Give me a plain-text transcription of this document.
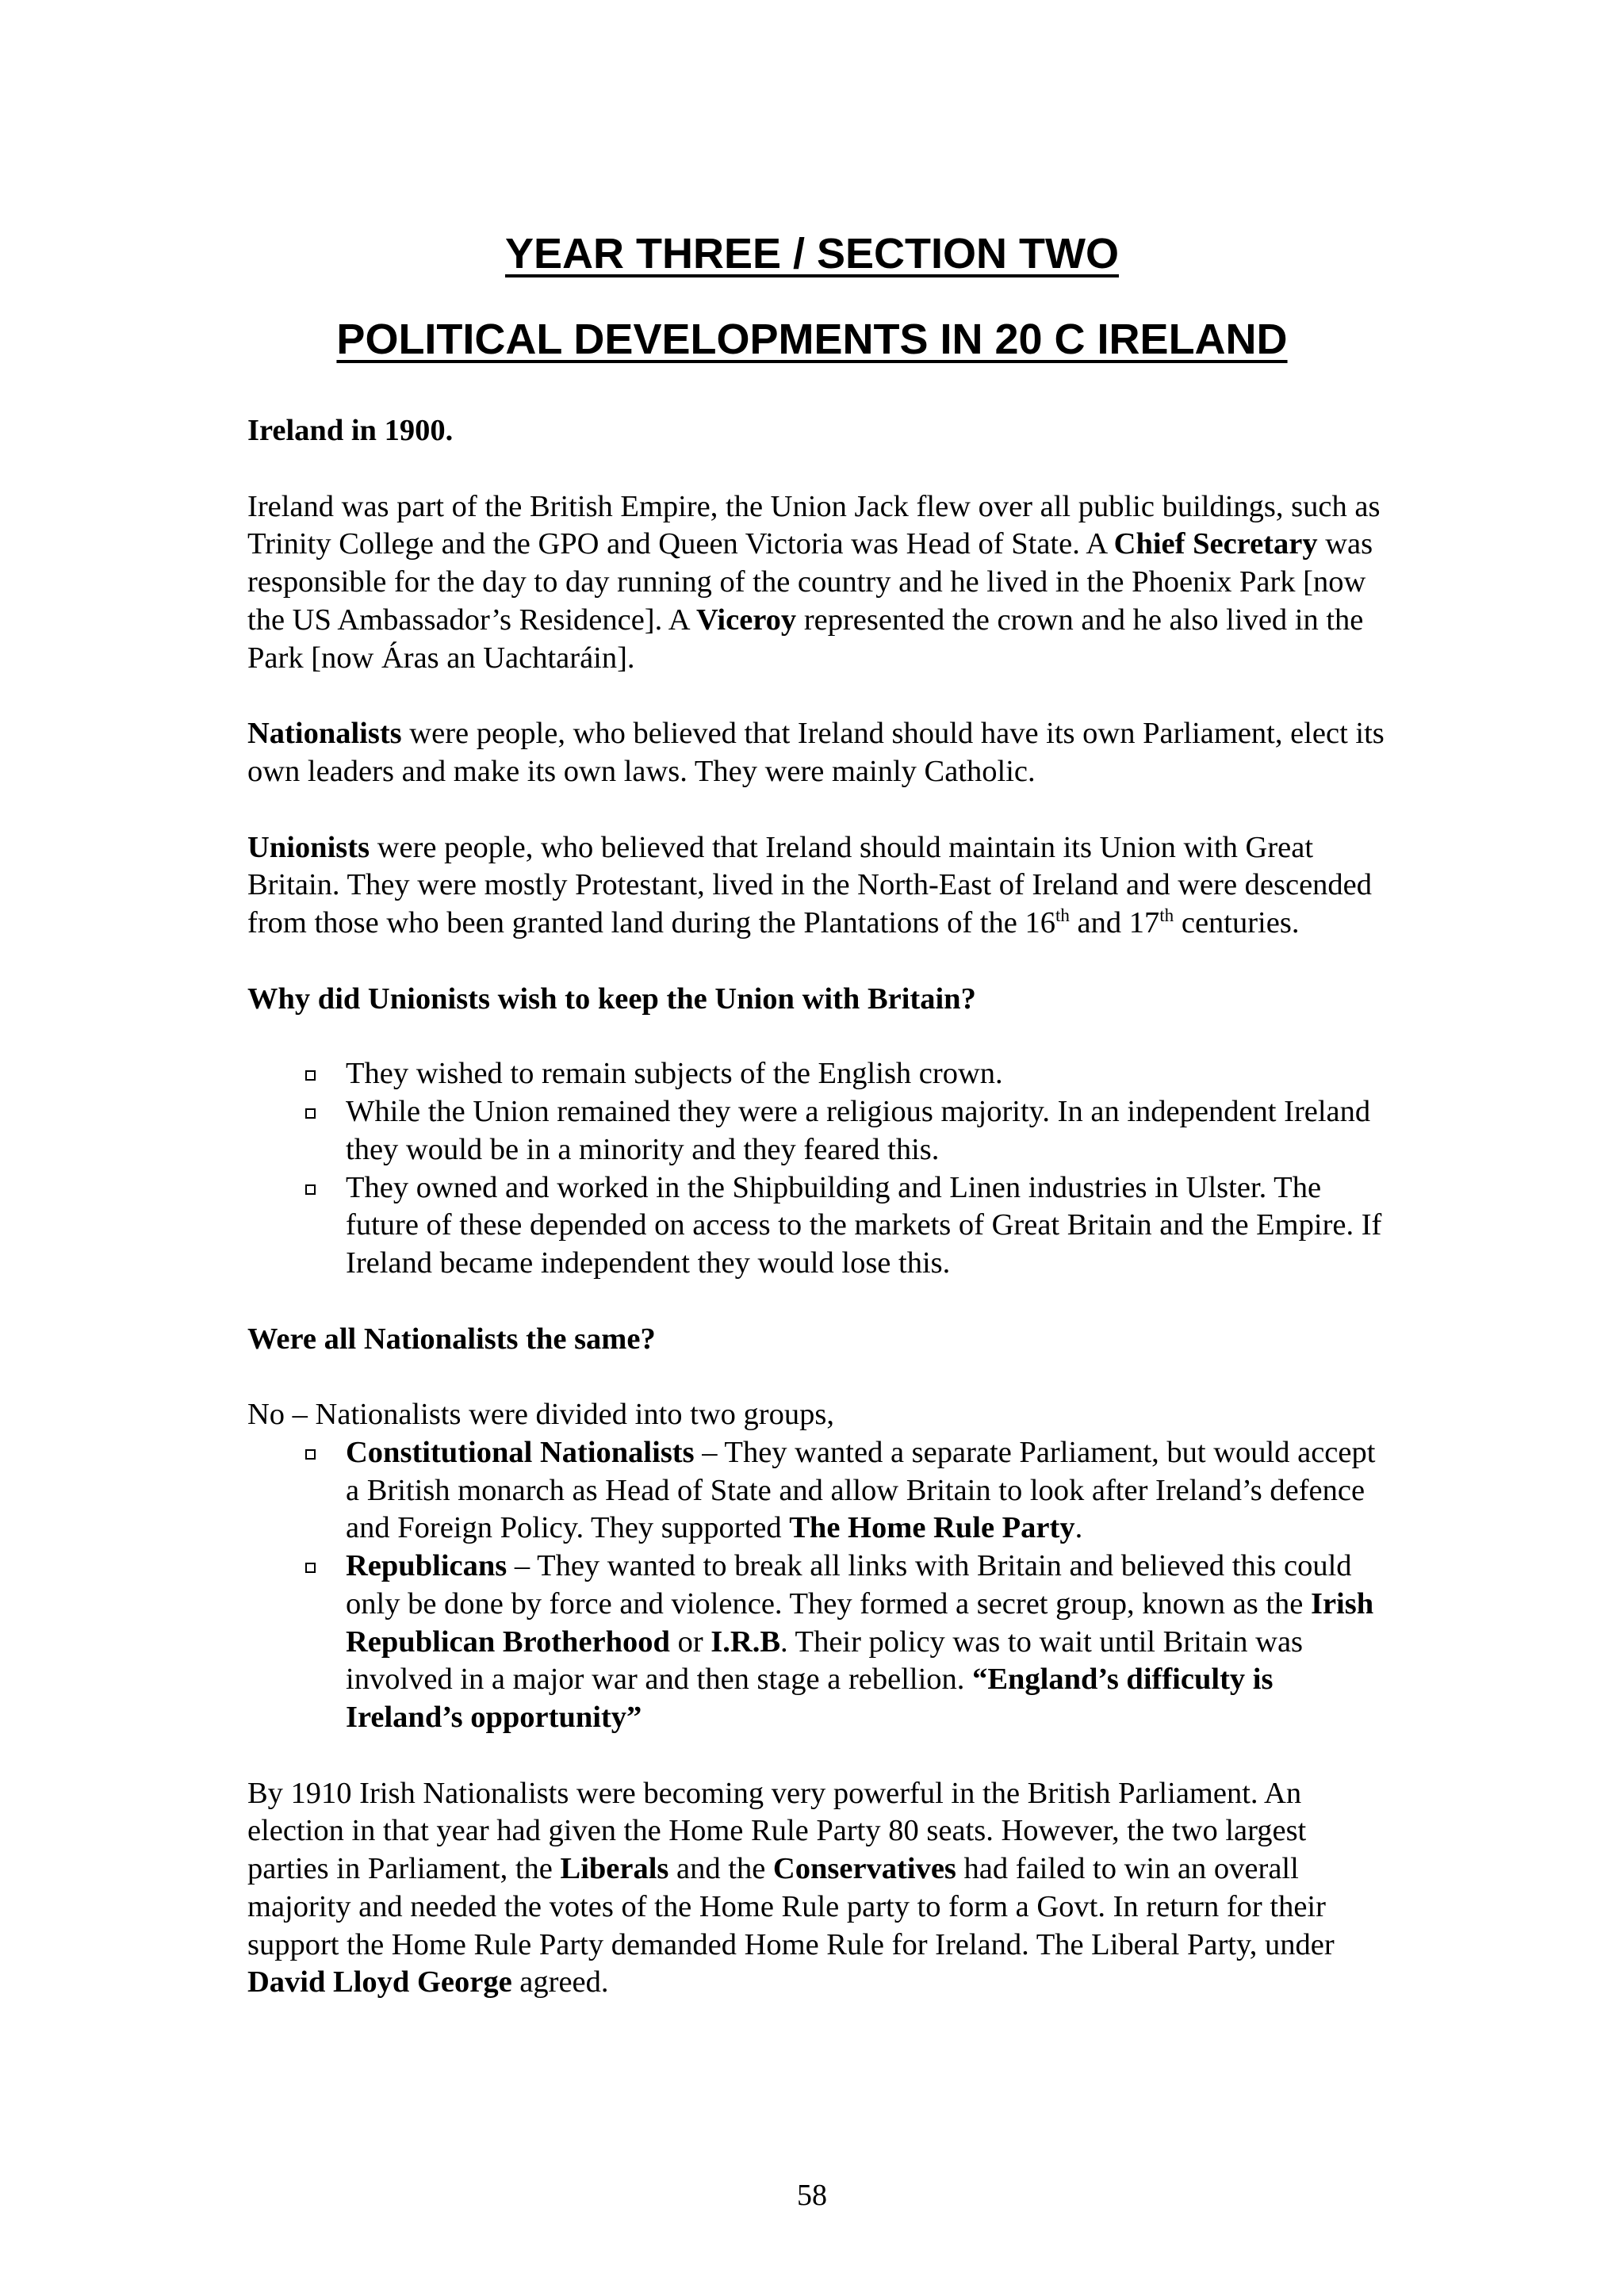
YEAR THREE / SECTION TWO
POLITICAL DEVELOPMENTS IN 20 C IRELAND

Ireland in 1900.

Ireland was part of the British Empire, the Union Jack flew over all public buildings, such as Trinity College and the GPO and Queen Victoria was Head of State. A Chief Secretary was responsible for the day to day running of the country and he lived in the Phoenix Park [now the US Ambassador’s Residence]. A Viceroy represented the crown and he also lived in the Park [now Áras an Uachtaráin].

Nationalists were people, who believed that Ireland should have its own Parliament, elect its own leaders and make its own laws. They were mainly Catholic.

Unionists were people, who believed that Ireland should maintain its Union with Great Britain. They were mostly Protestant, lived in the North-East of Ireland and were descended from those who been granted land during the Plantations of the 16th and 17th centuries.

Why did Unionists wish to keep the Union with Britain?

They wished to remain subjects of the English crown.
While the Union remained they were a religious majority. In an independent Ireland they would be in a minority and they feared this.
They owned and worked in the Shipbuilding and Linen industries in Ulster. The future of these depended on access to the markets of Great Britain and the Empire. If Ireland became independent they would lose this.

Were all Nationalists the same?

No – Nationalists were divided into two groups,

Constitutional Nationalists – They wanted a separate Parliament, but would accept a British monarch as Head of State and allow Britain to look after Ireland’s defence and Foreign Policy. They supported The Home Rule Party.
Republicans – They wanted to break all links with Britain and believed this could only be done by force and violence. They formed a secret group, known as the Irish Republican Brotherhood or I.R.B. Their policy was to wait until Britain was involved in a major war and then stage a rebellion. “England’s difficulty is Ireland’s opportunity”

By 1910 Irish Nationalists were becoming very powerful in the British Parliament. An election in that year had given the Home Rule Party 80 seats. However, the two largest parties in Parliament, the Liberals and the Conservatives had failed to win an overall majority and needed the votes of the Home Rule party to form a Govt. In return for their support the Home Rule Party demanded Home Rule for Ireland. The Liberal Party, under David Lloyd George agreed.

58
